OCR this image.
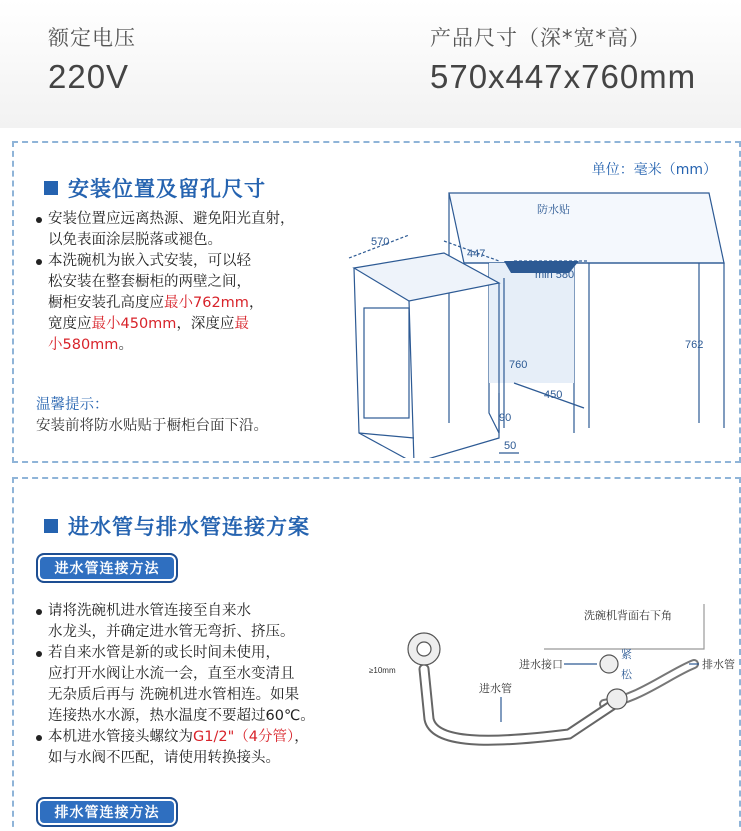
额定电压
220V
产品尺寸（深*宽*高）
570x447x760mm
安装位置及留孔尺寸
单位：毫米（mm）
安装位置应远离热源、避免阳光直射，
以免表面涂层脱落或褪色。
本洗碗机为嵌入式安装，可以轻
松安装在整套橱柜的两壁之间，
橱柜安装孔高度应最小762mm，
宽度应最小450mm，深度应最
小580mm。
温馨提示：
安装前将防水贴贴于橱柜台面下沿。
防水贴
570
447
min 580
762
760
450
90
50
进水管与排水管连接方案
进水管连接方法
请将洗碗机进水管连接至自来水
水龙头，并确定进水管无弯折、挤压。
若自来水管是新的或长时间未使用，
应打开水阀让水流一会，直至水变清且
无杂质后再与 洗碗机进水管相连。如果
连接热水水源，热水温度不要超过60℃。
本机进水管接头螺纹为G1/2"（4分管），
如与水阀不匹配，请使用转换接头。
排水管连接方法
洗碗机背面右下角
进水接口
紧
松
排水管
进水管
≥10mm
